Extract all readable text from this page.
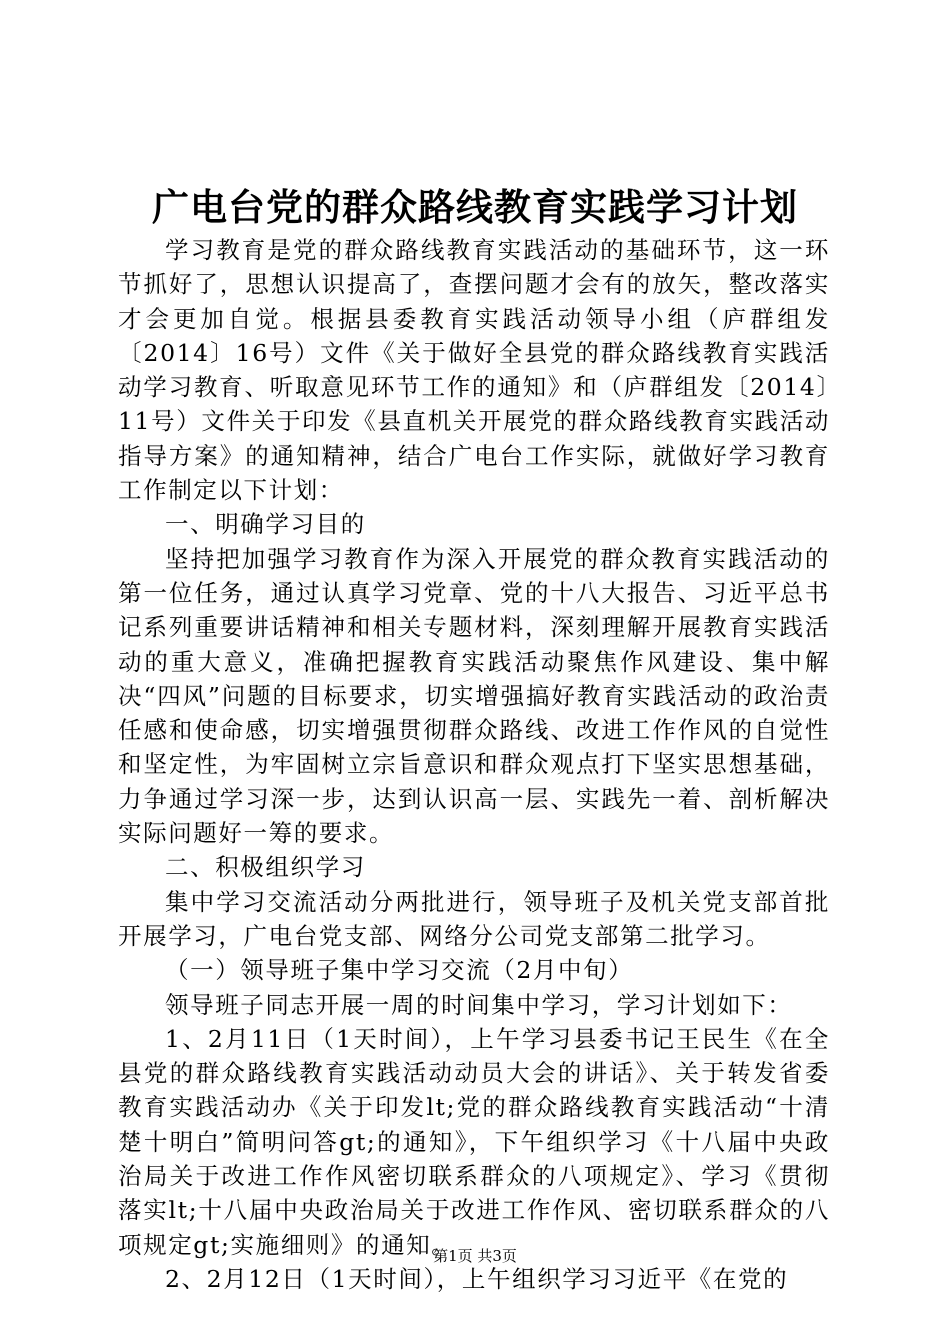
广电台党的群众路线教育实践学习计划

学习教育是党的群众路线教育实践活动的基础环节，这一环节抓好了，思想认识提高了，查摆问题才会有的放矢，整改落实才会更加自觉。根据县委教育实践活动领导小组（庐群组发〔2014〕16号）文件《关于做好全县党的群众路线教育实践活动学习教育、听取意见环节工作的通知》和（庐群组发〔2014〕11号）文件关于印发《县直机关开展党的群众路线教育实践活动指导方案》的通知精神，结合广电台工作实际，就做好学习教育工作制定以下计划：

一、明确学习目的

坚持把加强学习教育作为深入开展党的群众教育实践活动的第一位任务，通过认真学习党章、党的十八大报告、习近平总书记系列重要讲话精神和相关专题材料，深刻理解开展教育实践活动的重大意义，准确把握教育实践活动聚焦作风建设、集中解决“四风”问题的目标要求，切实增强搞好教育实践活动的政治责任感和使命感，切实增强贯彻群众路线、改进工作作风的自觉性和坚定性，为牢固树立宗旨意识和群众观点打下坚实思想基础，力争通过学习深一步，达到认识高一层、实践先一着、剖析解决实际问题好一筹的要求。

二、积极组织学习

集中学习交流活动分两批进行，领导班子及机关党支部首批开展学习，广电台党支部、网络分公司党支部第二批学习。

（一）领导班子集中学习交流（2月中旬）

领导班子同志开展一周的时间集中学习，学习计划如下：

1、2月11日（1天时间），上午学习县委书记王民生《在全县党的群众路线教育实践活动动员大会的讲话》、关于转发省委教育实践活动办《关于印发lt;党的群众路线教育实践活动“十清楚十明白”简明问答gt;的通知》，下午组织学习《十八届中央政治局关于改进工作作风密切联系群众的八项规定》、学习《贯彻落实lt;十八届中央政治局关于改进工作作风、密切联系群众的八项规定gt;实施细则》的通知。

2、2月12日（1天时间），上午组织学习习近平《在党的

第1页 共3页
